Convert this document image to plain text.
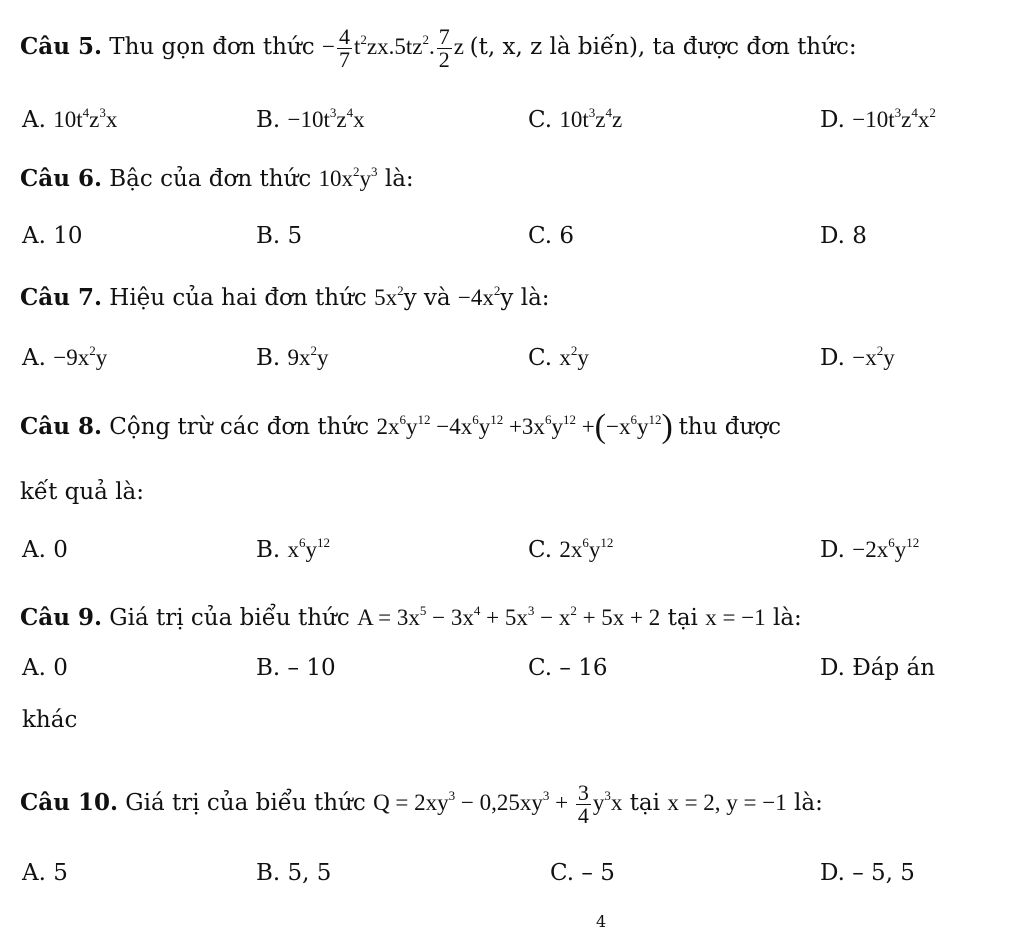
Câu 5. Thu gọn đơn thức − $\frac{4}{7} t^2zx.5tz^2$. $\frac{7}{2}$ z (t, x, z là biến), ta được đơn thức:
A. $10t^4z^3x$	B. $-10t^3z^4x$	C. $10t^3z^4z$	D. $-10t^3z^4x^2$
Câu 6. Bậc của đơn thức $10x^2y^3$ là:
A. 10	B. 5	C. 6	D. 8
Câu 7. Hiệu của hai đơn thức $5x^2y$ và $-4x^2y$ là:
A. $-9x^2y$	B. $9x^2y$	C. $x^2y$	D. $-x^2y$
Câu 8. Cộng trừ các đơn thức $2x^6y^{12} -4x^6y^{12} +3x^6y^{12} +(-x^6y^{12})$ thu được
kết quả là:
A. 0	B. $x^6y^{12}$	C. $2x^6y^{12}$	D. $-2x^6y^{12}$
Câu 9. Giá trị của biểu thức $A = 3x^5 - 3x^4 + 5x^3 - x^2 + 5x + 2$ tại x = −1 là:
A. 0	B. – 10	C. – 16	D. Đáp án
khác
Câu 10. Giá trị của biểu thức $Q = 2xy^3 - 0,25xy^3 + \frac{3}{4} y^3x$ tại x = 2, y = −1 là:
A. 5	B. 5, 5	C. – 5	D. – 5, 5
4
